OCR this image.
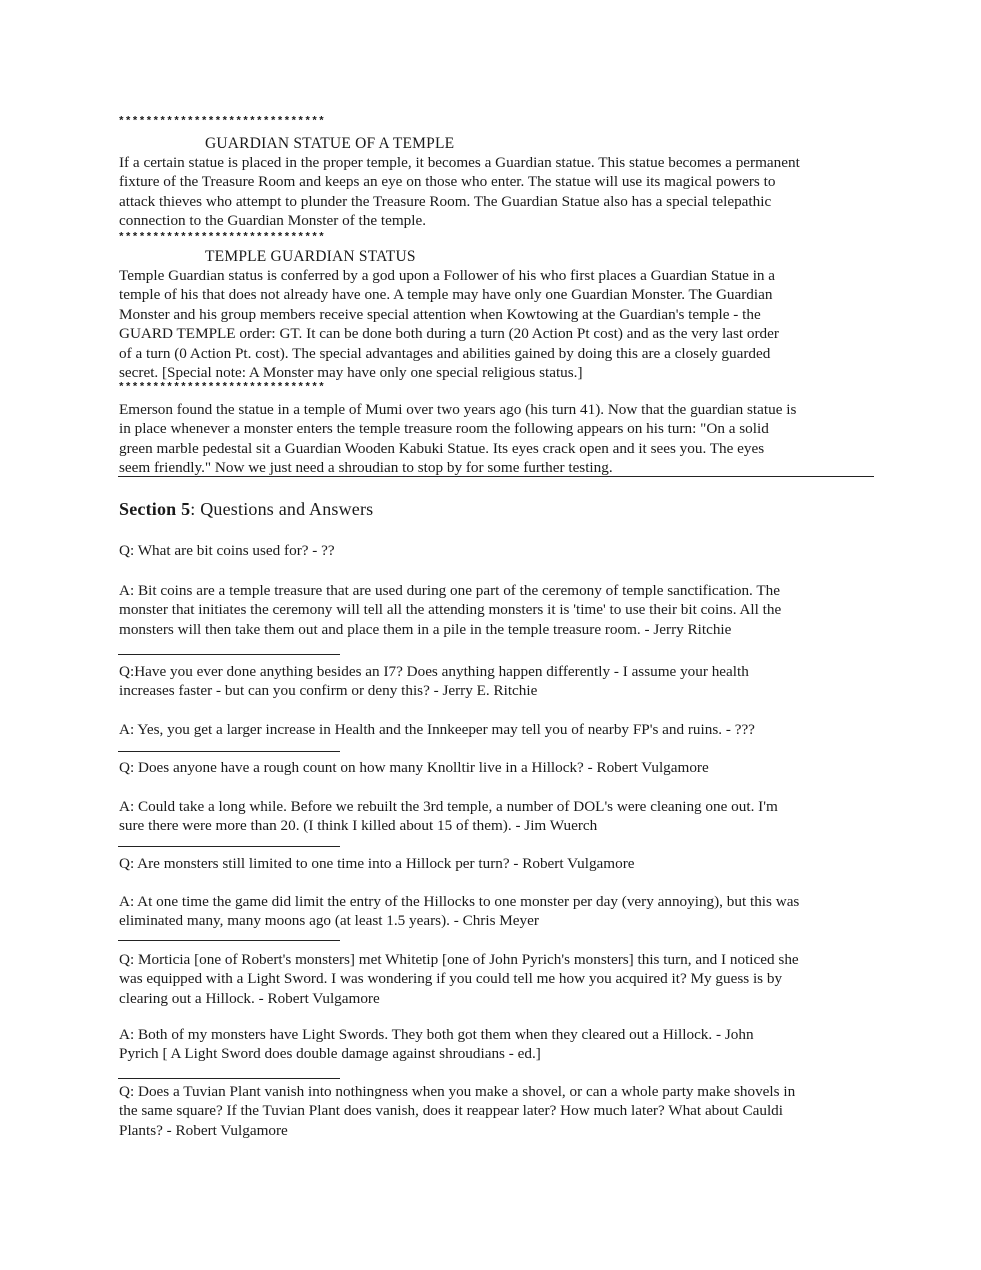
******************************
GUARDIAN STATUE OF A TEMPLE
If a certain statue is placed in the proper temple, it becomes a Guardian statue. This statue becomes a permanent
fixture of the Treasure Room and keeps an eye on those who enter. The statue will use its magical powers to
attack thieves who attempt to plunder the Treasure Room. The Guardian Statue also has a special telepathic
connection to the Guardian Monster of the temple.
******************************
TEMPLE GUARDIAN STATUS
Temple Guardian status is conferred by a god upon a Follower of his who first places a Guardian Statue in a
temple of his that does not already have one. A temple may have only one Guardian Monster. The Guardian
Monster and his group members receive special attention when Kowtowing at the Guardian's temple - the
GUARD TEMPLE order: GT. It can be done both during a turn (20 Action Pt cost) and as the very last order
of a turn (0 Action Pt. cost). The special advantages and abilities gained by doing this are a closely guarded
secret. [Special note: A Monster may have only one special religious status.]
******************************
Emerson found the statue in a temple of Mumi over two years ago (his turn 41). Now that the guardian statue is
in place whenever a monster enters the temple treasure room the following appears on his turn: "On a solid
green marble pedestal sit a Guardian Wooden Kabuki Statue. Its eyes crack open and it sees you. The eyes
seem friendly." Now we just need a shroudian to stop by for some further testing.
Section 5: Questions and Answers
Q: What are bit coins used for? - ??
A: Bit coins are a temple treasure that are used during one part of the ceremony of temple sanctification. The
monster that initiates the ceremony will tell all the attending monsters it is 'time' to use their bit coins. All the
monsters will then take them out and place them in a pile in the temple treasure room. - Jerry Ritchie
Q:Have you ever done anything besides an I7? Does anything happen differently - I assume your health
increases faster - but can you confirm or deny this? - Jerry E. Ritchie
A: Yes, you get a larger increase in Health and the Innkeeper may tell you of nearby FP's and ruins. - ???
Q: Does anyone have a rough count on how many Knolltir live in a Hillock? - Robert Vulgamore
A: Could take a long while. Before we rebuilt the 3rd temple, a number of DOL's were cleaning one out. I'm
sure there were more than 20. (I think I killed about 15 of them). - Jim Wuerch
Q: Are monsters still limited to one time into a Hillock per turn? - Robert Vulgamore
A: At one time the game did limit the entry of the Hillocks to one monster per day (very annoying), but this was
eliminated many, many moons ago (at least 1.5 years). - Chris Meyer
Q: Morticia [one of Robert's monsters] met Whitetip [one of John Pyrich's monsters] this turn, and I noticed she
was equipped with a Light Sword. I was wondering if you could tell me how you acquired it? My guess is by
clearing out a Hillock. - Robert Vulgamore
A: Both of my monsters have Light Swords. They both got them when they cleared out a Hillock. - John
Pyrich [ A Light Sword does double damage against shroudians - ed.]
Q: Does a Tuvian Plant vanish into nothingness when you make a shovel, or can a whole party make shovels in
the same square? If the Tuvian Plant does vanish, does it reappear later? How much later? What about Cauldi
Plants? - Robert Vulgamore
